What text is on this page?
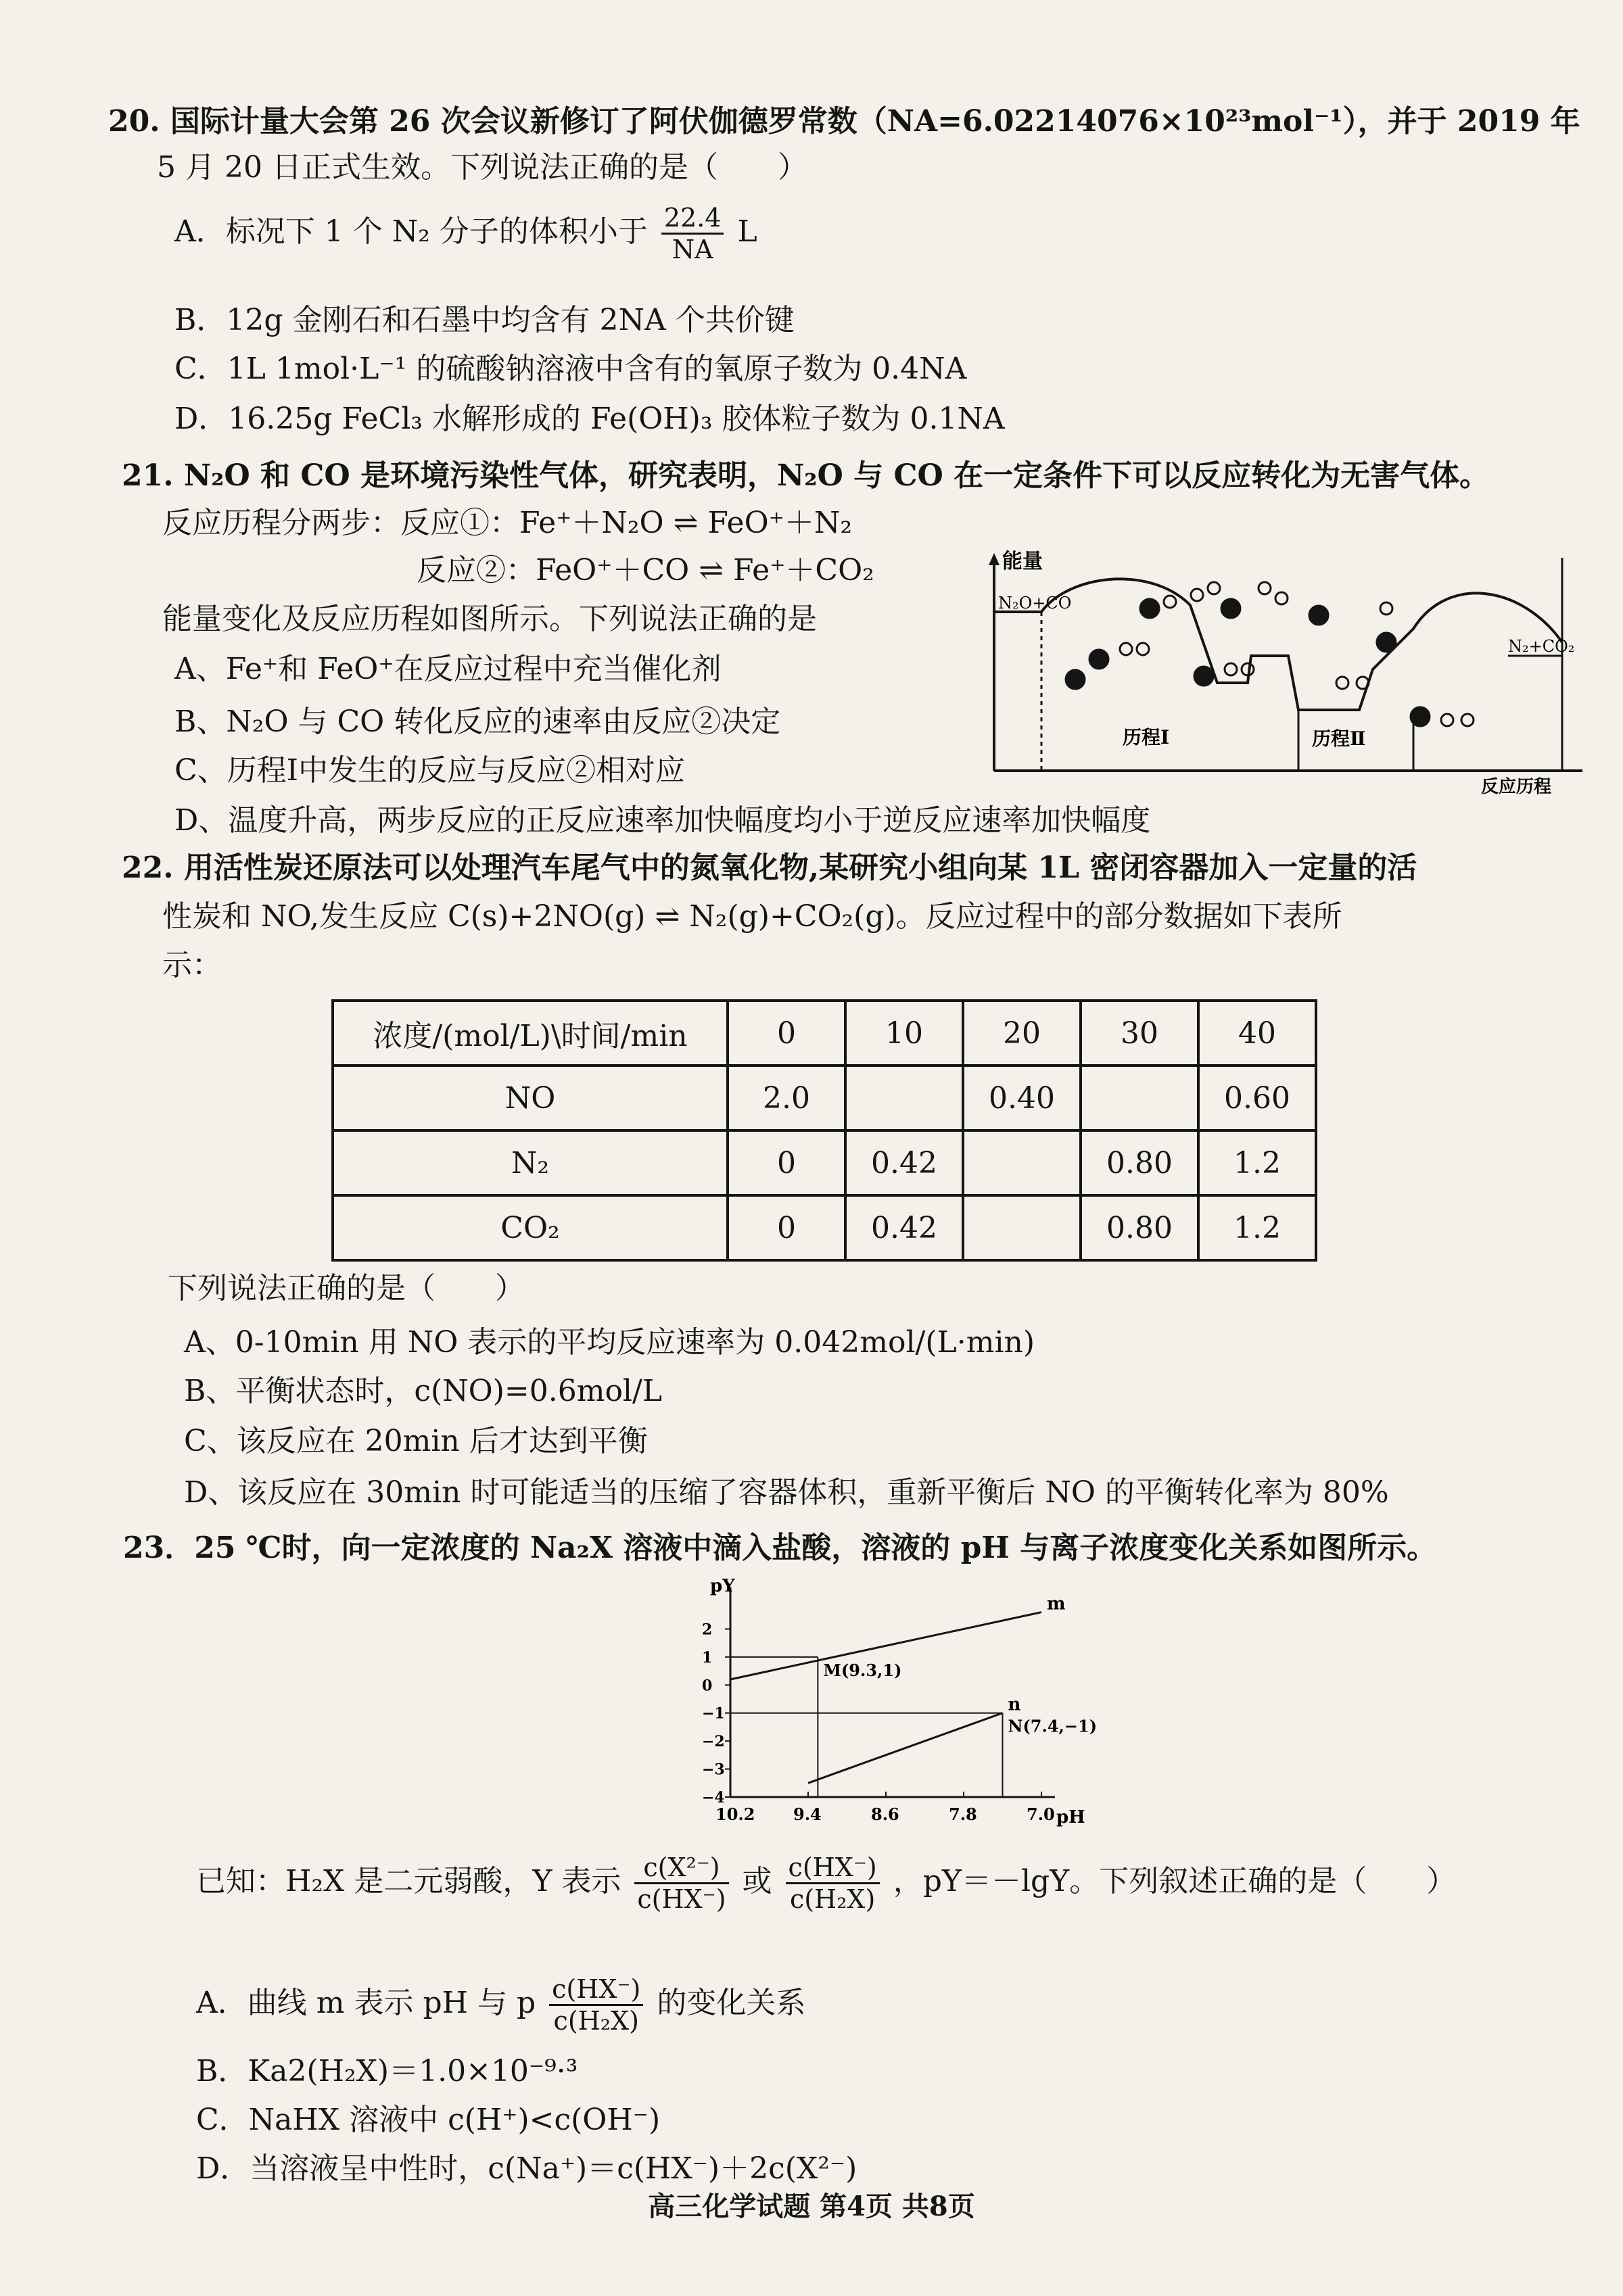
20. 国际计量大会第 26 次会议新修订了阿伏伽德罗常数（NA=6.02214076×10²³mol⁻¹），并于 2019 年
5 月 20 日正式生效。下列说法正确的是（　　）
A．标况下 1 个 N₂ 分子的体积小于 $\frac{22.4}{NA}$ L
B．12g 金刚石和石墨中均含有 2NA 个共价键
C．1L 1mol·L⁻¹ 的硫酸钠溶液中含有的氧原子数为 0.4NA
D．16.25g FeCl₃ 水解形成的 Fe(OH)₃ 胶体粒子数为 0.1NA
21. N₂O 和 CO 是环境污染性气体，研究表明，N₂O 与 CO 在一定条件下可以反应转化为无害气体。
反应历程分两步：反应①：Fe⁺＋N₂O ⇌ FeO⁺＋N₂
反应②：FeO⁺＋CO ⇌ Fe⁺＋CO₂
能量变化及反应历程如图所示。下列说法正确的是
A、Fe⁺和 FeO⁺在反应过程中充当催化剂
B、N₂O 与 CO 转化反应的速率由反应②决定
C、历程Ⅰ中发生的反应与反应②相对应
D、温度升高，两步反应的正反应速率加快幅度均小于逆反应速率加快幅度
能量
反应历程
N₂O+CO
N₂+CO₂
历程Ⅰ	历程Ⅱ
22. 用活性炭还原法可以处理汽车尾气中的氮氧化物,某研究小组向某 1L 密闭容器加入一定量的活
性炭和 NO,发生反应 C(s)+2NO(g) ⇌ N₂(g)+CO₂(g)。反应过程中的部分数据如下表所
示：
浓度/(mol/L)\时间/min	0	10	20	30	40
NO	2.0		0.40		0.60
N₂	0	0.42		0.80	1.2
CO₂	0	0.42		0.80	1.2
下列说法正确的是（　　）
A、0-10min 用 NO 表示的平均反应速率为 0.042mol/(L·min)
B、平衡状态时，c(NO)=0.6mol/L
C、该反应在 20min 后才达到平衡
D、该反应在 30min 时可能适当的压缩了容器体积，重新平衡后 NO 的平衡转化率为 80%
23．25 ℃时，向一定浓度的 Na₂X 溶液中滴入盐酸，溶液的 pH 与离子浓度变化关系如图所示。
pY
pH
10.2 9.4	8.6	7.8	7.0
2
1
0
−1
−2
−3
−4
m
n
M(9.3,1)
N(7.4,−1)
已知：H₂X 是二元弱酸，Y 表示 $\frac{\text{c(X²⁻)}}{c(HX^-)}$ 或 $\frac{c(HX^-)}{\text{c(H₂X)}}$ ，pY＝－lgY。下列叙述正确的是（　　）
A．曲线 m 表示 pH 与 p $\frac{c(HX^-)}{\text{c(H₂X)}}$ 的变化关系
B．Ka2(H₂X)＝1.0×10⁻⁹·³
C．NaHX 溶液中 c(H⁺)<c(OH⁻)
D．当溶液呈中性时，c(Na⁺)＝c(HX⁻)＋2c(X²⁻)
高三化学试题 第4页 共8页
